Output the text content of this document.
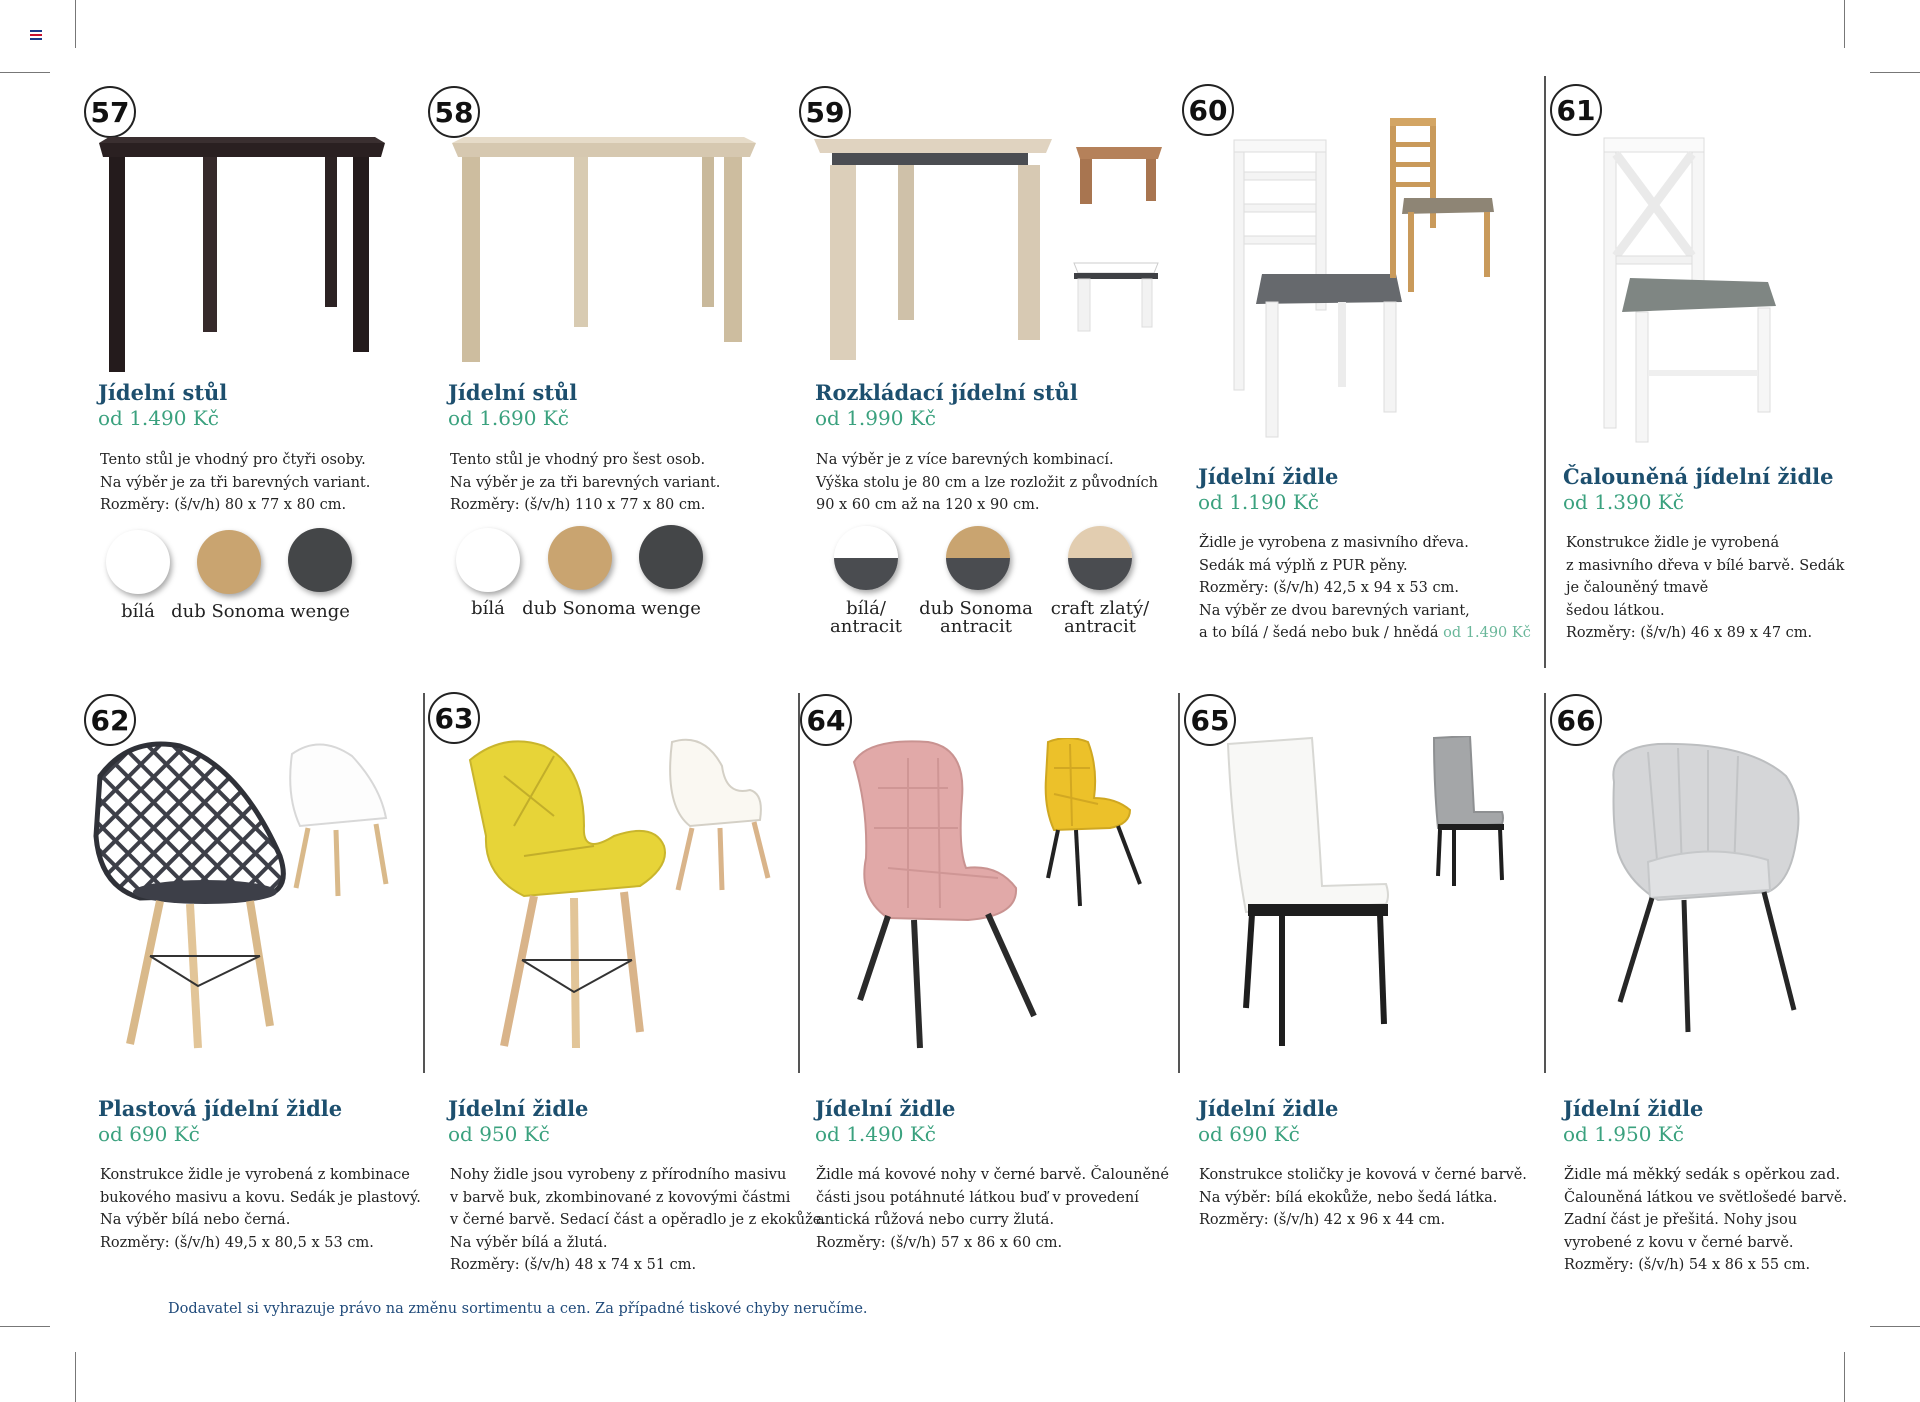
57
Jídelní stůl
od 1.490 Kč
Tento stůl je vhodný pro čtyři osoby.
Na výběr je za tři barevných variant.
Rozměry: (š/v/h) 80 x 77 x 80 cm.
bílá dub Sonoma wenge
58
Jídelní stůl
od 1.690 Kč
Tento stůl je vhodný pro šest osob.
Na výběr je za tři barevných variant.
Rozměry: (š/v/h) 110 x 77 x 80 cm.
bílá dub Sonoma wenge
59
Rozkládací jídelní stůl
od 1.990 Kč
Na výběr je z více barevných kombinací.
Výška stolu je 80 cm a lze rozložit z původních
90 x 60 cm až na 120 x 90 cm.
bílá/
antracit
dub Sonoma
antracit
craft zlatý/
antracit
60
Jídelní židle
od 1.190 Kč
Židle je vyrobena z masivního dřeva.
Sedák má výplň z PUR pěny.
Rozměry: (š/v/h) 42,5 x 94 x 53 cm.
Na výběr ze dvou barevných variant,
a to bílá / šedá nebo buk / hnědá od 1.490 Kč
61
Čalouněná jídelní židle
od 1.390 Kč
Konstrukce židle je vyrobená
z masivního dřeva v bílé barvě. Sedák
je čalouněný tmavě
šedou látkou.
Rozměry: (š/v/h) 46 x 89 x 47 cm.
62
Plastová jídelní židle
od 690 Kč
Konstrukce židle je vyrobená z kombinace
bukového masivu a kovu. Sedák je plastový.
Na výběr bílá nebo černá.
Rozměry: (š/v/h) 49,5 x 80,5 x 53 cm.
63
Jídelní židle
od 950 Kč
Nohy židle jsou vyrobeny z přírodního masivu
v barvě buk, zkombinované z kovovými částmi
v černé barvě. Sedací část a opěradlo je z ekokůže.
Na výběr bílá a žlutá.
Rozměry: (š/v/h) 48 x 74 x 51 cm.
64
Jídelní židle
od 1.490 Kč
Židle má kovové nohy v černé barvě. Čalouněné
části jsou potáhnuté látkou buď v provedení
antická růžová nebo curry žlutá.
Rozměry: (š/v/h) 57 x 86 x 60 cm.
65
Jídelní židle
od 690 Kč
Konstrukce stoličky je kovová v černé barvě.
Na výběr: bílá ekokůže, nebo šedá látka.
Rozměry: (š/v/h) 42 x 96 x 44 cm.
66
Jídelní židle
od 1.950 Kč
Židle má měkký sedák s opěrkou zad.
Čalouněná látkou ve světlošedé barvě.
Zadní část je přešitá. Nohy jsou
vyrobené z kovu v černé barvě.
Rozměry: (š/v/h) 54 x 86 x 55 cm.
Dodavatel si vyhrazuje právo na změnu sortimentu a cen. Za případné tiskové chyby neručíme.
